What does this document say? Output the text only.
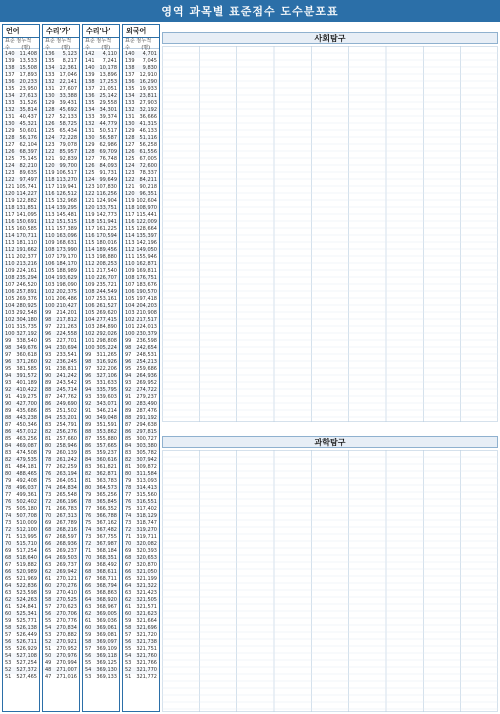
영역 과목별 표준점수 도수분포표
언어
표준 점수
누적 (명)
140 11,408
139 13,533
138 15,508
137 17,893
136 20,233
135 23,950
134 27,613
133 31,526
132 35,814
131 40,437
130 45,321
129 50,601
128 56,176
127 62,104
126 68,397
125 75,145
124 82,210
123 89,635
122 97,497
121 105,741
120 114,227
119 122,882
118 131,851
117 141,095
116 150,691
115 160,585
114 170,711
113 181,110
112 191,662
111 202,377
110 213,216
109 224,161
108 235,294
107 246,520
106 257,891
105 269,376
104 280,925
103 292,548
102 304,180
101 315,735
100 327,192
99 338,540
98 349,676
97 360,618
96 371,260
95 381,585
94 391,572
93 401,189
92 410,422
91 419,275
90 427,700
89 435,686
88 443,238
87 450,346
86 457,012
85 463,256
84 469,087
83 474,508
82 479,535
81 484,181
80 488,465
79 492,408
78 496,037
77 499,361
76 502,402
75 505,180
74 507,708
73 510,009
72 512,100
71 513,995
70 515,710
69 517,254
68 518,640
67 519,882
66 520,989
65 521,969
64 522,836
63 523,598
62 524,263
61 524,841
60 525,341
59 525,771
58 526,138
57 526,449
56 526,711
55 526,929
54 527,108
53 527,254
52 527,372
51 527,465
수리'가'
표준 점수
누적 (명)
136 5,123
135 8,217
134 12,361
133 17,046
132 22,141
131 27,607
130 33,388
129 39,431
128 45,692
127 52,133
126 58,725
125 65,434
124 72,228
123 79,078
122 85,957
121 92,839
120 99,700
119 106,517
118 113,270
117 119,941
116 126,512
115 132,968
114 139,295
113 145,481
112 151,515
111 157,389
110 163,096
109 168,631
108 173,990
107 179,170
106 184,170
105 188,989
104 193,629
103 198,090
102 202,375
101 206,486
100 210,427
99 214,201
98 217,812
97 221,263
96 224,558
95 227,701
94 230,694
93 233,541
92 236,245
91 238,811
90 241,242
89 243,542
88 245,714
87 247,762
86 249,690
85 251,502
84 253,201
83 254,791
82 256,276
81 257,660
80 258,946
79 260,139
78 261,242
77 262,259
76 263,194
75 264,051
74 264,834
73 265,548
72 266,196
71 266,783
70 267,313
69 267,789
68 268,216
67 268,597
66 268,936
65 269,237
64 269,503
63 269,737
62 269,942
61 270,121
60 270,276
59 270,410
58 270,525
57 270,623
56 270,706
55 270,776
54 270,834
53 270,882
52 270,921
51 270,952
50 270,976
49 270,994
48 271,007
47 271,016
수리'나'
표준 점수
누적 (명)
142 4,110
141 7,241
140 10,178
139 13,896
138 17,253
137 21,051
136 25,142
135 29,558
134 34,301
133 39,374
132 44,779
131 50,517
130 56,587
129 62,986
128 69,709
127 76,748
126 84,093
125 91,731
124 99,649
123 107,830
122 116,256
121 124,904
120 133,751
119 142,773
118 151,941
117 161,225
116 170,594
115 180,016
114 189,456
113 198,880
112 208,253
111 217,540
110 226,707
109 235,721
108 244,549
107 253,161
106 261,527
105 269,620
104 277,415
103 284,890
102 292,026
101 298,808
100 305,224
99 311,265
98 316,926
97 322,206
96 327,106
95 331,633
94 335,795
93 339,603
92 343,071
91 346,214
90 349,048
89 351,591
88 353,862
87 355,880
86 357,665
85 359,237
84 360,616
83 361,821
82 362,871
81 363,783
80 364,573
79 365,256
78 365,845
77 366,352
76 366,788
75 367,162
74 367,482
73 367,755
72 367,987
71 368,184
70 368,351
69 368,492
68 368,611
67 368,711
66 368,794
65 368,863
64 368,920
63 368,967
62 369,005
61 369,036
60 369,061
59 369,081
58 369,097
57 369,109
56 369,118
55 369,125
54 369,130
53 369,133
외국어
표준 점수
누적 (명)
140 4,701
139 7,045
138 9,830
137 12,910
136 16,290
135 19,933
134 23,811
133 27,903
132 32,192
131 36,666
130 41,315
129 46,133
128 51,116
127 56,258
126 61,556
125 67,005
124 72,600
123 78,337
122 84,211
121 90,218
120 96,351
119 102,604
118 108,970
117 115,441
116 122,009
115 128,664
114 135,397
113 142,196
112 149,050
111 155,946
110 162,871
109 169,811
108 176,751
107 183,676
106 190,570
105 197,418
104 204,203
103 210,908
102 217,517
101 224,013
100 230,379
99 236,598
98 242,654
97 248,531
96 254,213
95 259,686
94 264,936
93 269,952
92 274,722
91 279,237
90 283,490
89 287,476
88 291,192
87 294,638
86 297,815
85 300,727
84 303,380
83 305,782
82 307,942
81 309,872
80 311,584
79 313,093
78 314,413
77 315,560
76 316,551
75 317,402
74 318,129
73 318,747
72 319,270
71 319,711
70 320,082
69 320,393
68 320,653
67 320,870
66 321,050
65 321,199
64 321,322
63 321,423
62 321,505
61 321,571
60 321,623
59 321,664
58 321,696
57 321,720
56 321,738
55 321,751
54 321,760
53 321,766
52 321,770
51 321,772
사회탐구
과학탐구
